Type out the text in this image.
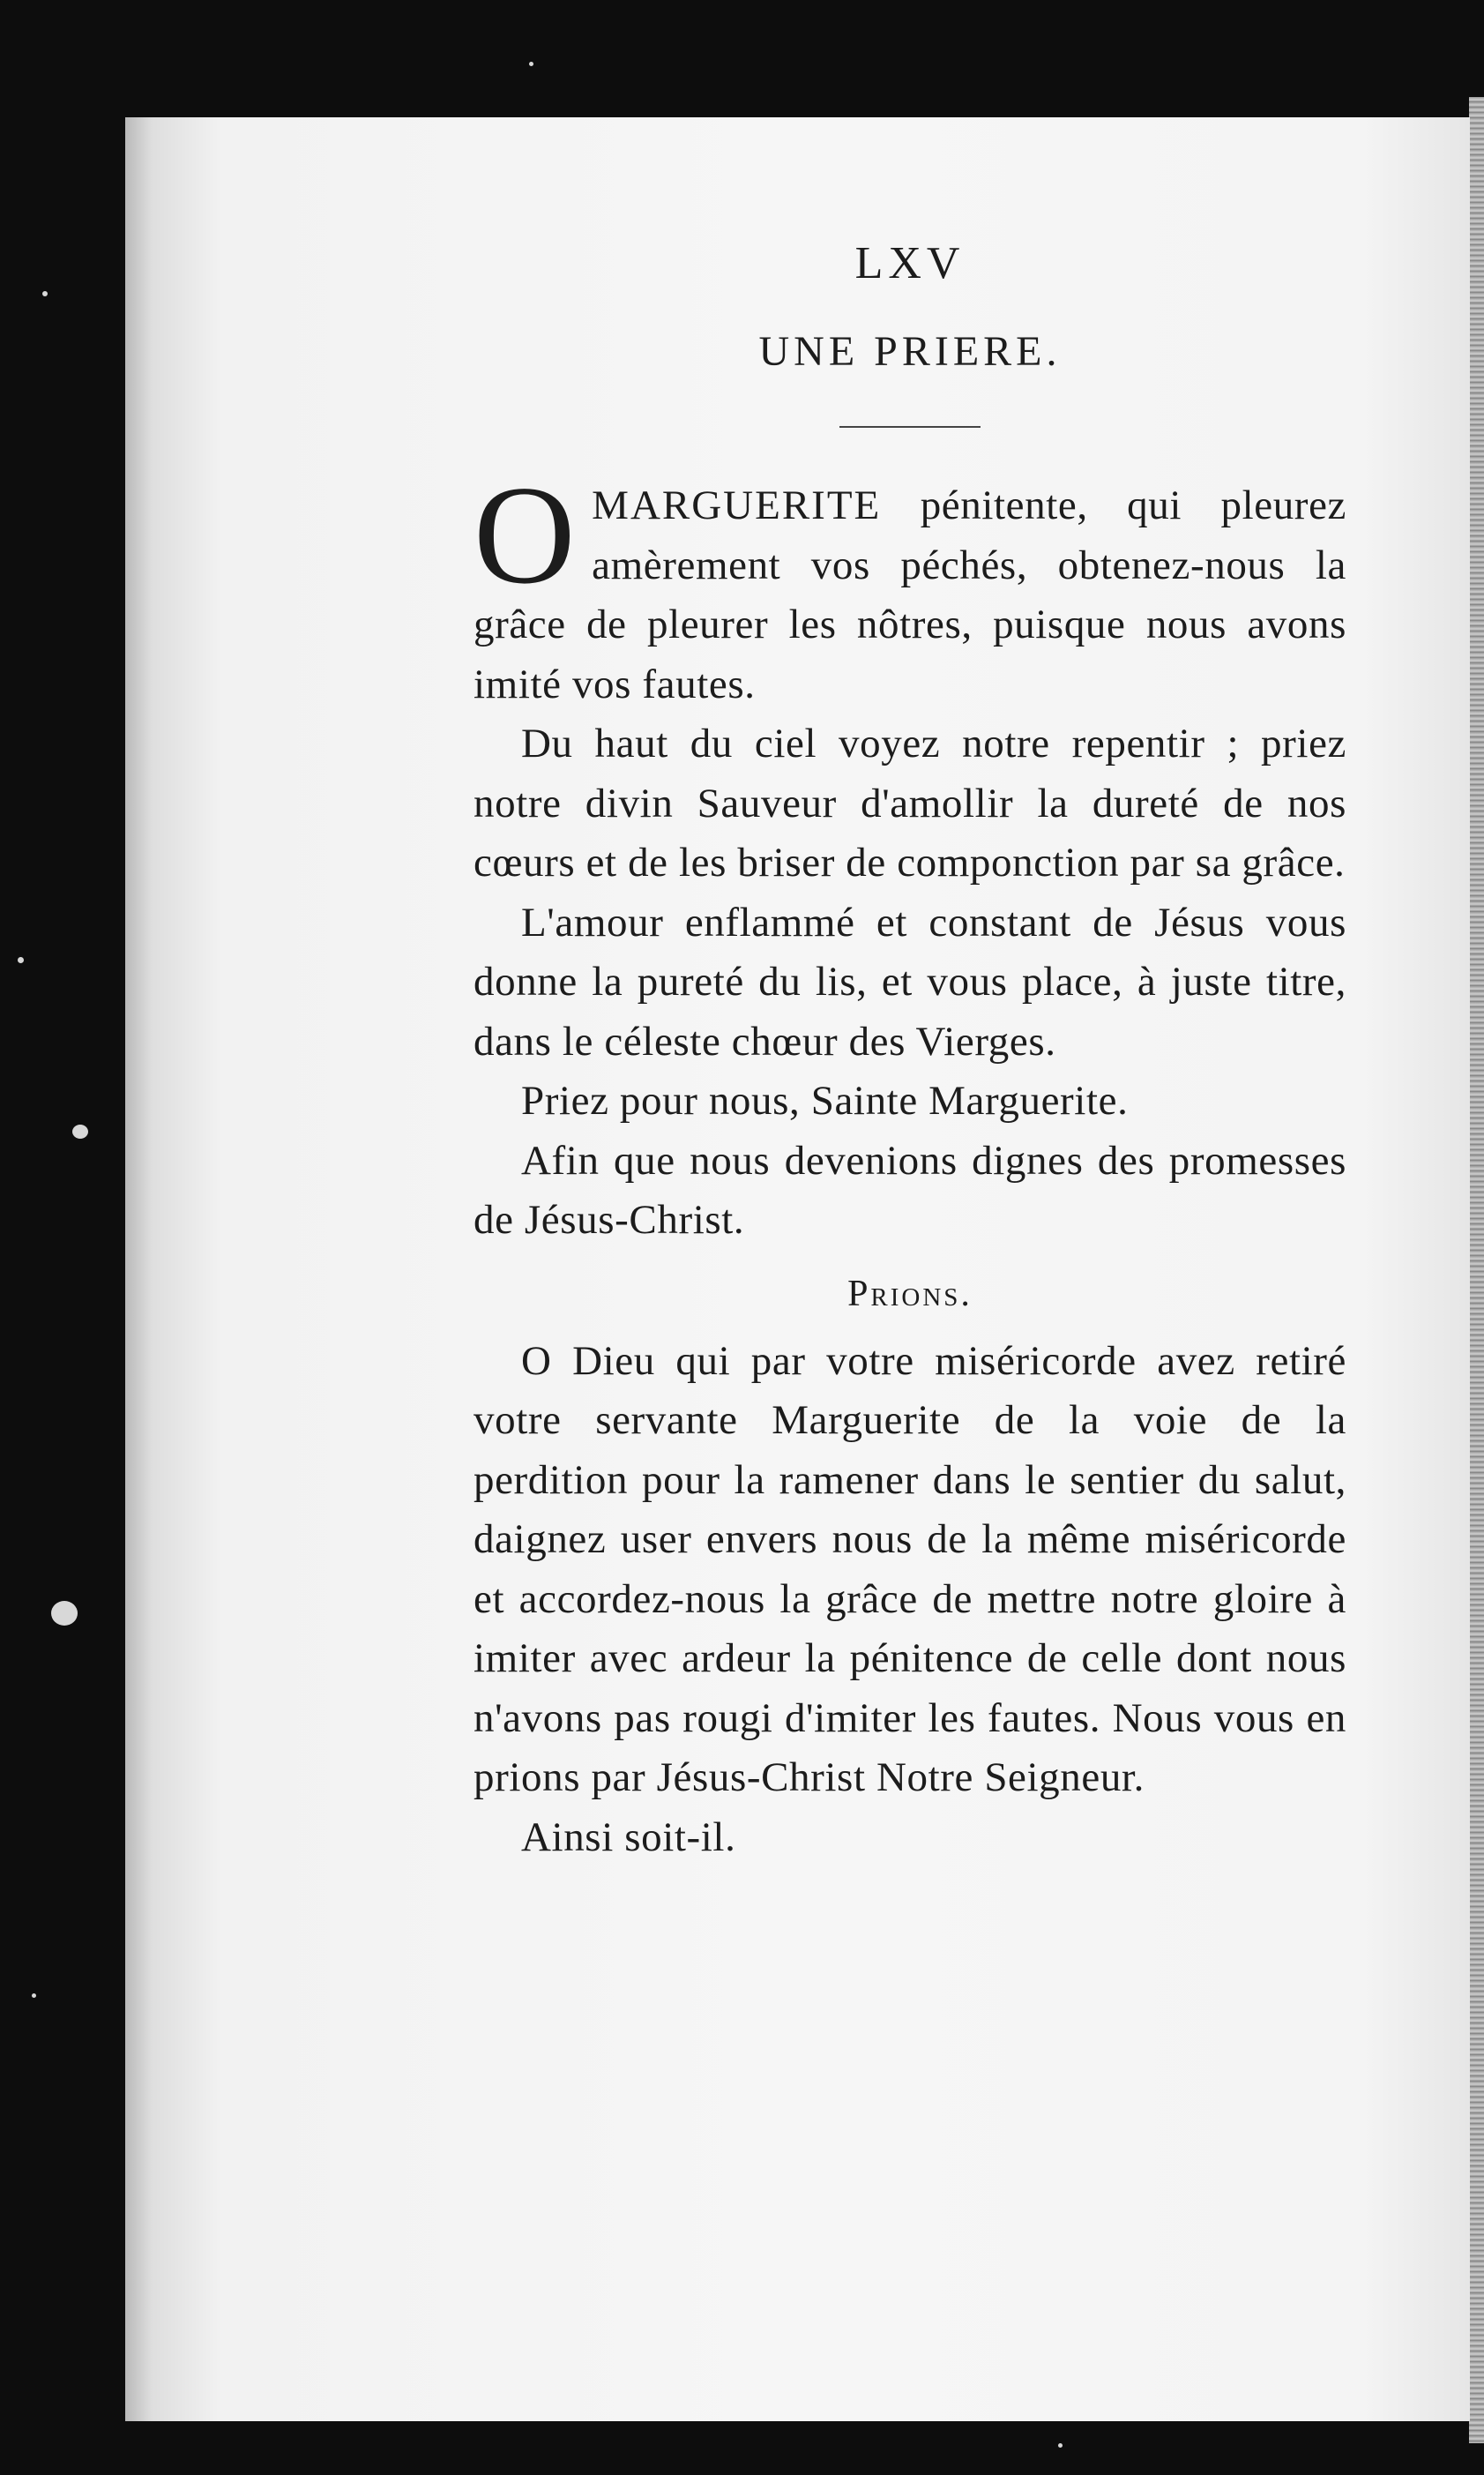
LXV
UNE PRIERE.

OMARGUERITE pénitente, qui pleurez amèrement vos péchés, obtenez-nous la grâce de pleurer les nôtres, puisque nous avons imité vos fautes.

Du haut du ciel voyez notre repentir ; priez notre divin Sauveur d'amollir la dureté de nos cœurs et de les briser de componction par sa grâce.

L'amour enflammé et constant de Jésus vous donne la pureté du lis, et vous place, à juste titre, dans le céleste chœur des Vierges.

Priez pour nous, Sainte Marguerite.

Afin que nous devenions dignes des promesses de Jésus-Christ.

Prions.

O Dieu qui par votre miséricorde avez retiré votre servante Marguerite de la voie de la perdition pour la ramener dans le sentier du salut, daignez user envers nous de la même miséricorde et accordez-nous la grâce de mettre notre gloire à imiter avec ardeur la pénitence de celle dont nous n'avons pas rougi d'imiter les fautes. Nous vous en prions par Jésus-Christ Notre Seigneur.

Ainsi soit-il.
